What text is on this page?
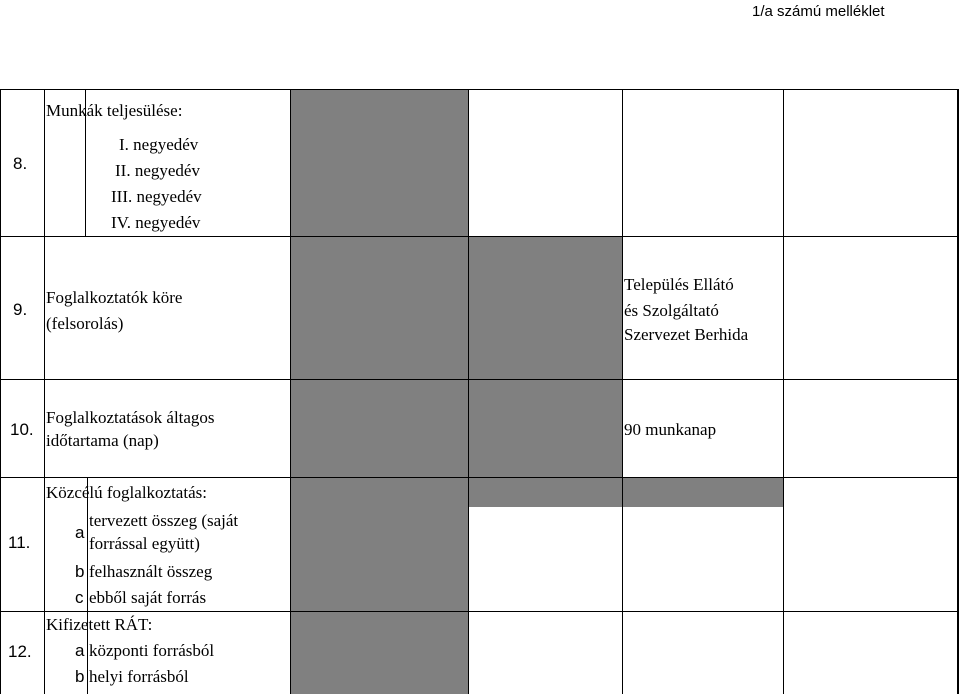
1/a számú melléklet
8.
Munkák teljesülése:
I. negyedév
II. negyedév
III. negyedév
IV. negyedév
9.
Foglalkoztatók köre
(felsorolás)
Település Ellátó
és Szolgáltató
Szervezet Berhida
10.
Foglalkoztatások áltagos
időtartama (nap)
90 munkanap
11.
Közcélú foglalkoztatás:
a
tervezett összeg (saját
forrással együtt)
b felhasznált összeg
c ebből saját forrás
12.
Kifizetett RÁT:
a központi forrásból
b helyi forrásból
